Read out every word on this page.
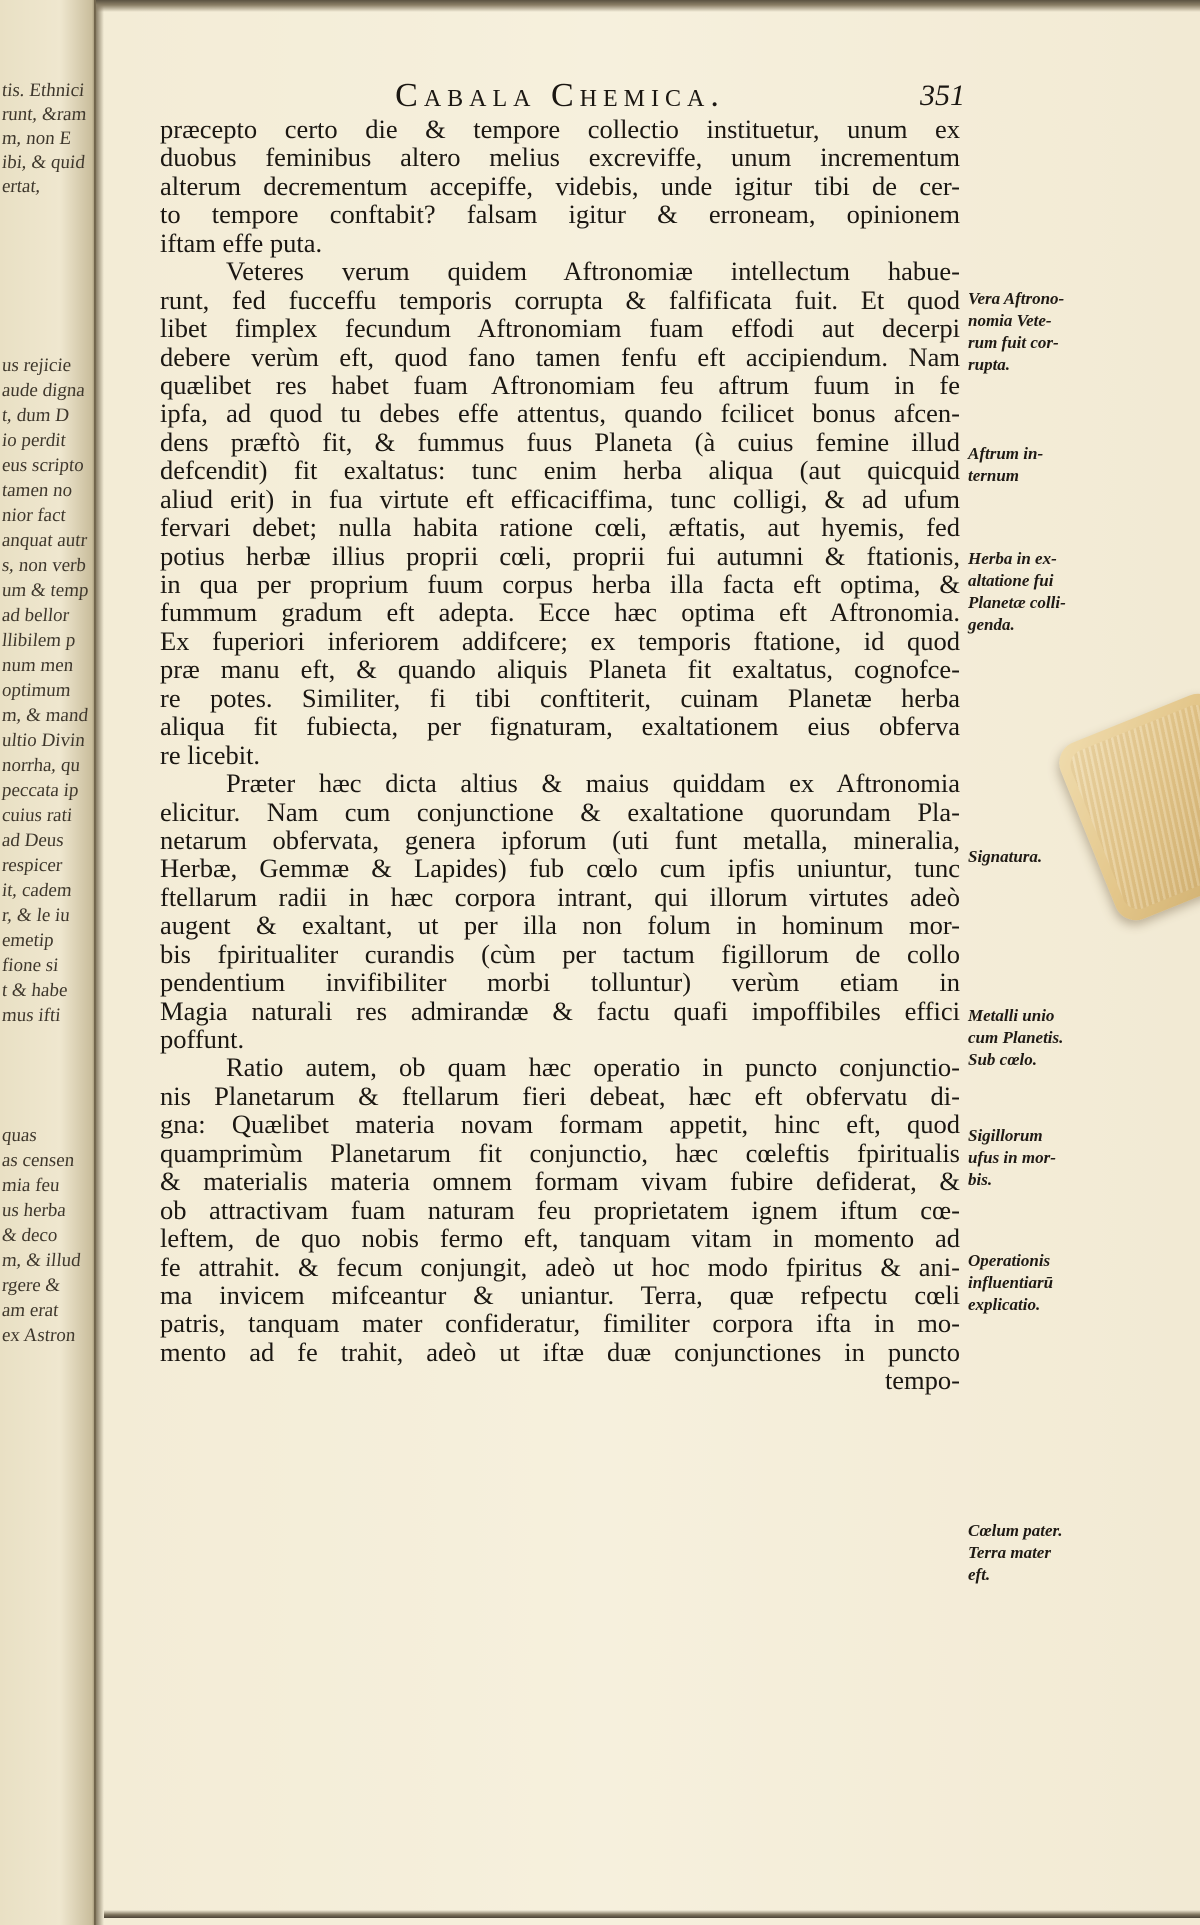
tis. Ethnici
runt, &ram
m, non E
ibi, & quid
ertat,
us rejicie
aude digna
t, dum D
io perdit
eus scripto
tamen no
nior fact
anquat autr
s, non verb
um & temp
ad bellor
llibilem p
num men
optimum
m, & mand
ultio Divin
norrha, qu
peccata ip
cuius rati
ad Deus
respicer
it, cadem
r, & le iu
emetip
fione si
t & habe
mus ifti
quas
as censen
mia feu
us herba
& deco
m, & illud
rgere &
am erat
ex Astron
Cabala Chemica.	351
præcepto certo die & tempore collectio instituetur, unum ex
duobus feminibus altero melius excreviffe, unum incrementum
alterum decrementum accepiffe, videbis, unde igitur tibi de cer-
to tempore conftabit? falsam igitur & erroneam, opinionem
iftam effe puta.
Veteres verum quidem Aftronomiæ intellectum habue-
runt, fed fucceffu temporis corrupta & falfificata fuit. Et quod
libet fimplex fecundum Aftronomiam fuam effodi aut decerpi
debere verùm eft, quod fano tamen fenfu eft accipiendum. Nam
quælibet res habet fuam Aftronomiam feu aftrum fuum in fe
ipfa, ad quod tu debes effe attentus, quando fcilicet bonus afcen-
dens præftò fit, & fummus fuus Planeta (à cuius femine illud
defcendit) fit exaltatus: tunc enim herba aliqua (aut quicquid
aliud erit) in fua virtute eft efficaciffima, tunc colligi, & ad ufum
fervari debet; nulla habita ratione cœli, æftatis, aut hyemis, fed
potius herbæ illius proprii cœli, proprii fui autumni & ftationis,
in qua per proprium fuum corpus herba illa facta eft optima, &
fummum gradum eft adepta. Ecce hæc optima eft Aftronomia.
Ex fuperiori inferiorem addifcere; ex temporis ftatione, id quod
præ manu eft, & quando aliquis Planeta fit exaltatus, cognofce-
re potes. Similiter, fi tibi conftiterit, cuinam Planetæ herba
aliqua fit fubiecta, per fignaturam, exaltationem eius obferva
re licebit.
Præter hæc dicta altius & maius quiddam ex Aftronomia
elicitur. Nam cum conjunctione & exaltatione quorundam Pla-
netarum obfervata, genera ipforum (uti funt metalla, mineralia,
Herbæ, Gemmæ & Lapides) fub cœlo cum ipfis uniuntur, tunc
ftellarum radii in hæc corpora intrant, qui illorum virtutes adeò
augent & exaltant, ut per illa non folum in hominum mor-
bis fpiritualiter curandis (cùm per tactum figillorum de collo
pendentium invifibiliter morbi tolluntur) verùm etiam in
Magia naturali res admirandæ & factu quafi impoffibiles effici
poffunt.
Ratio autem, ob quam hæc operatio in puncto conjunctio-
nis Planetarum & ftellarum fieri debeat, hæc eft obfervatu di-
gna: Quælibet materia novam formam appetit, hinc eft, quod
quamprimùm Planetarum fit conjunctio, hæc cœleftis fpiritualis
& materialis materia omnem formam vivam fubire defiderat, &
ob attractivam fuam naturam feu proprietatem ignem iftum cœ-
leftem, de quo nobis fermo eft, tanquam vitam in momento ad
fe attrahit. & fecum conjungit, adeò ut hoc modo fpiritus & ani-
ma invicem mifceantur & uniantur. Terra, quæ refpectu cœli
patris, tanquam mater confideratur, fimiliter corpora ifta in mo-
mento ad fe trahit, adeò ut iftæ duæ conjunctiones in puncto
tempo-
Vera Aftrono-
nomia Vete-
rum fuit cor-
rupta.
Aftrum in-
ternum
Herba in ex-
altatione fui
Planetæ colli-
genda.
Signatura.
Metalli unio
cum Planetis.
Sub cœlo.
Sigillorum
ufus in mor-
bis.
Operationis
influentiarū
explicatio.
Cœlum pater.
Terra mater
eft.
